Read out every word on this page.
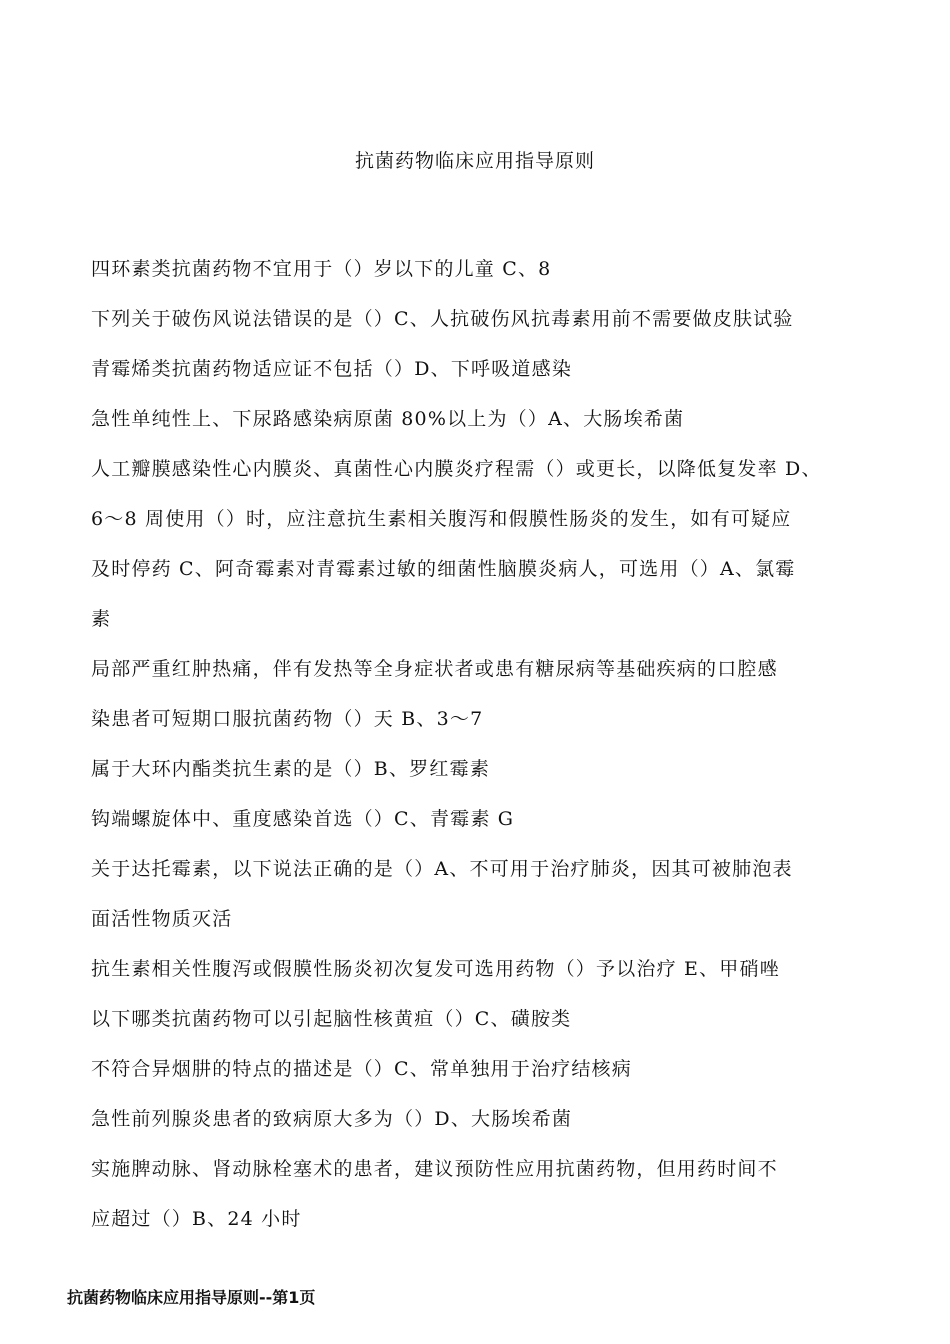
抗菌药物临床应用指导原则
四环素类抗菌药物不宜用于（）岁以下的儿童 C、8
下列关于破伤风说法错误的是（）C、人抗破伤风抗毒素用前不需要做皮肤试验
青霉烯类抗菌药物适应证不包括（）D、下呼吸道感染
急性单纯性上、下尿路感染病原菌 80%以上为（）A、大肠埃希菌
人工瓣膜感染性心内膜炎、真菌性心内膜炎疗程需（）或更长，以降低复发率 D、
6～8 周使用（）时，应注意抗生素相关腹泻和假膜性肠炎的发生，如有可疑应
及时停药 C、阿奇霉素对青霉素过敏的细菌性脑膜炎病人，可选用（）A、氯霉
素
局部严重红肿热痛，伴有发热等全身症状者或患有糖尿病等基础疾病的口腔感
染患者可短期口服抗菌药物（）天 B、3～7
属于大环内酯类抗生素的是（）B、罗红霉素
钩端螺旋体中、重度感染首选（）C、青霉素 G
关于达托霉素，以下说法正确的是（）A、不可用于治疗肺炎，因其可被肺泡表
面活性物质灭活
抗生素相关性腹泻或假膜性肠炎初次复发可选用药物（）予以治疗 E、甲硝唑
以下哪类抗菌药物可以引起脑性核黄疸（）C、磺胺类
不符合异烟肼的特点的描述是（）C、常单独用于治疗结核病
急性前列腺炎患者的致病原大多为（）D、大肠埃希菌
实施脾动脉、肾动脉栓塞术的患者，建议预防性应用抗菌药物，但用药时间不
应超过（）B、24 小时
抗菌药物临床应用指导原则--第1页
